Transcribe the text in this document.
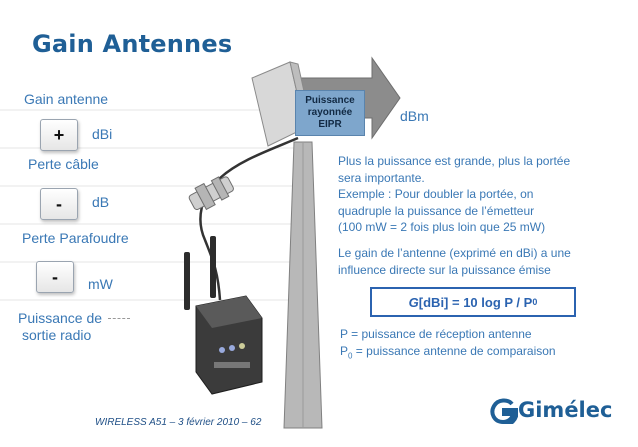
Gain Antennes
Gain antenne
+ dBi
Perte câble
- dB
Perte Parafoudre
- mW
Puissance de
sortie radio
Puissance
rayonnée
EIPR
dBm
Plus la puissance est grande, plus la portée
sera importante.
Exemple : Pour doubler la portée, on
quadruple la puissance de l’émetteur
(100 mW = 2 fois plus loin que 25 mW)
Le gain de l’antenne (exprimé en dBi) a une
influence directe sur la puissance émise
G [dBi] = 10 log P / P 0
P = puissance de réception antenne
$P_0$ = puissance antenne de comparaison
WIRELESS A51 – 3 février 2010 – 62
Gimélec
